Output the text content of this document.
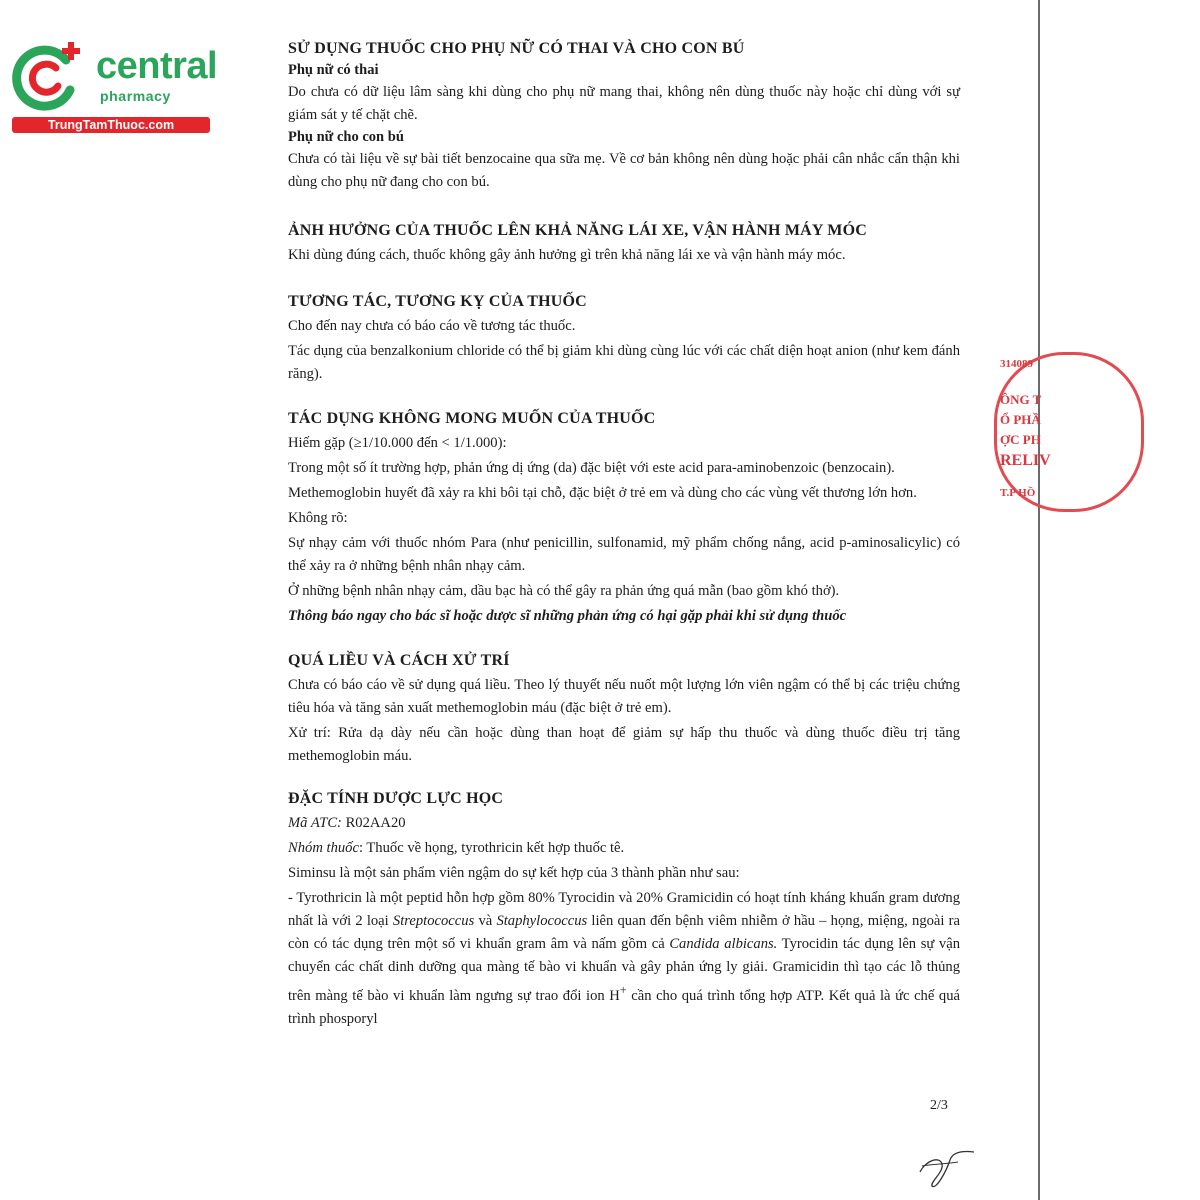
central
pharmacy
TrungTamThuoc.com
SỬ DỤNG THUỐC CHO PHỤ NỮ CÓ THAI VÀ CHO CON BÚ
Phụ nữ có thai

Do chưa có dữ liệu lâm sàng khi dùng cho phụ nữ mang thai, không nên dùng thuốc này hoặc chỉ dùng với sự giám sát y tế chặt chẽ.

Phụ nữ cho con bú

Chưa có tài liệu về sự bài tiết benzocaine qua sữa mẹ. Về cơ bản không nên dùng hoặc phải cân nhắc cẩn thận khi dùng cho phụ nữ đang cho con bú.

ẢNH HƯỞNG CỦA THUỐC LÊN KHẢ NĂNG LÁI XE, VẬN HÀNH MÁY MÓC

Khi dùng đúng cách, thuốc không gây ảnh hưởng gì trên khả năng lái xe và vận hành máy móc.

TƯƠNG TÁC, TƯƠNG KỴ CỦA THUỐC

Cho đến nay chưa có báo cáo về tương tác thuốc.

Tác dụng của benzalkonium chloride có thể bị giảm khi dùng cùng lúc với các chất diện hoạt anion (như kem đánh răng).

TÁC DỤNG KHÔNG MONG MUỐN CỦA THUỐC

Hiếm gặp (≥1/10.000 đến < 1/1.000):

Trong một số ít trường hợp, phản ứng dị ứng (da) đặc biệt với este acid para-aminobenzoic (benzocain).

Methemoglobin huyết đã xảy ra khi bôi tại chỗ, đặc biệt ở trẻ em và dùng cho các vùng vết thương lớn hơn.

Không rõ:

Sự nhạy cảm với thuốc nhóm Para (như penicillin, sulfonamid, mỹ phẩm chống nắng, acid p-aminosalicylic) có thể xảy ra ở những bệnh nhân nhạy cảm.

Ở những bệnh nhân nhạy cảm, dầu bạc hà có thể gây ra phản ứng quá mẫn (bao gồm khó thở).

Thông báo ngay cho bác sĩ hoặc dược sĩ những phản ứng có hại gặp phải khi sử dụng thuốc

QUÁ LIỀU VÀ CÁCH XỬ TRÍ

Chưa có báo cáo về sử dụng quá liều. Theo lý thuyết nếu nuốt một lượng lớn viên ngậm có thể bị các triệu chứng tiêu hóa và tăng sản xuất methemoglobin máu (đặc biệt ở trẻ em).

Xử trí: Rửa dạ dày nếu cần hoặc dùng than hoạt để giảm sự hấp thu thuốc và dùng thuốc điều trị tăng methemoglobin máu.

ĐẶC TÍNH DƯỢC LỰC HỌC

Mã ATC: R02AA20

Nhóm thuốc: Thuốc về họng, tyrothricin kết hợp thuốc tê.

Siminsu là một sản phẩm viên ngậm do sự kết hợp của 3 thành phần như sau:

- Tyrothricin là một peptid hỗn hợp gồm 80% Tyrocidin và 20% Gramicidin có hoạt tính kháng khuẩn gram dương nhất là với 2 loại Streptococcus và Staphylococcus liên quan đến bệnh viêm nhiễm ở hầu – họng, miệng, ngoài ra còn có tác dụng trên một số vi khuẩn gram âm và nấm gồm cả Candida albicans. Tyrocidin tác dụng lên sự vận chuyển các chất dinh dưỡng qua màng tế bào vi khuẩn và gây phản ứng ly giải. Gramicidin thì tạo các lỗ thủng trên màng tế bào vi khuẩn làm ngưng sự trao đổi ion H+ cần cho quá trình tổng hợp ATP. Kết quả là ức chế quá trình phosporyl

2/3
314089
ÔNG T
Ổ PHẦ
ỢC PH
RELIV
T.P HỒ
